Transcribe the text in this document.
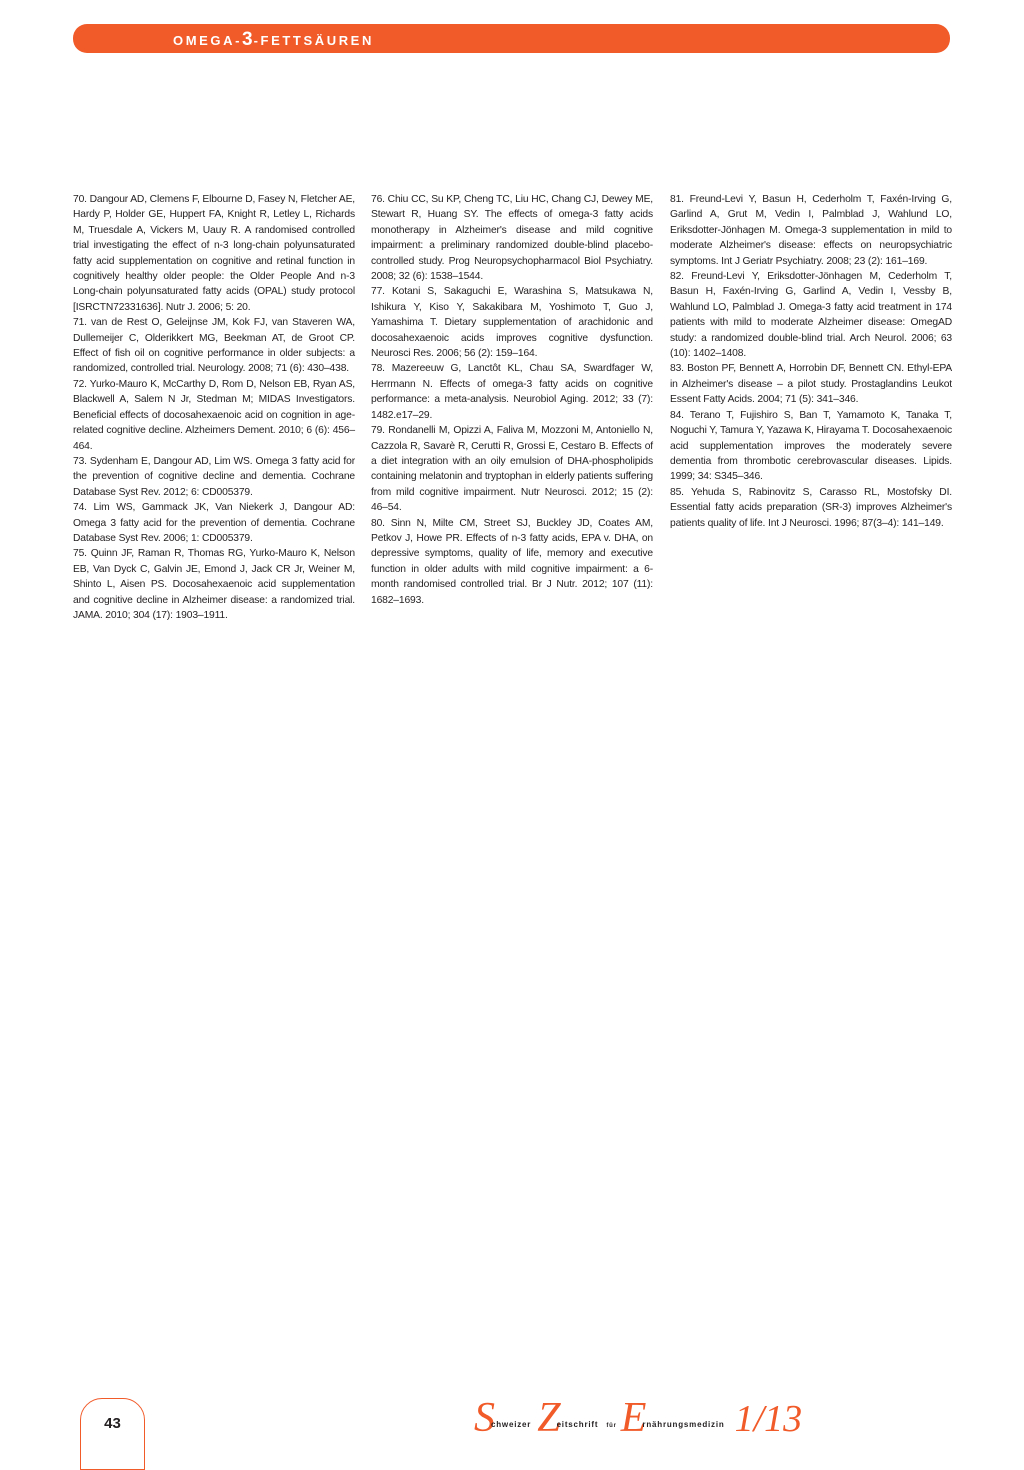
OMEGA-3-FETTSÄUREN

70. Dangour AD, Clemens F, Elbourne D, Fasey N, Fletcher AE, Hardy P, Holder GE, Huppert FA, Knight R, Letley L, Richards M, Truesdale A, Vickers M, Uauy R. A randomised controlled trial investigating the effect of n-3 long-chain polyunsaturated fatty acid supplementation on cognitive and retinal function in cognitively healthy older people: the Older People And n-3 Long-chain polyunsaturated fatty acids (OPAL) study protocol [ISRCTN72331636]. Nutr J. 2006; 5: 20.

71. van de Rest O, Geleijnse JM, Kok FJ, van Staveren WA, Dullemeijer C, Olderikkert MG, Beekman AT, de Groot CP. Effect of fish oil on cognitive performance in older subjects: a randomized, controlled trial. Neurology. 2008; 71 (6): 430–438.

72. Yurko-Mauro K, McCarthy D, Rom D, Nelson EB, Ryan AS, Blackwell A, Salem N Jr, Stedman M; MIDAS Investigators. Beneficial effects of docosahexaenoic acid on cognition in age-related cognitive decline. Alzheimers Dement. 2010; 6 (6): 456–464.

73. Sydenham E, Dangour AD, Lim WS. Omega 3 fatty acid for the prevention of cognitive decline and dementia. Cochrane Database Syst Rev. 2012; 6: CD005379.

74. Lim WS, Gammack JK, Van Niekerk J, Dangour AD: Omega 3 fatty acid for the prevention of dementia. Cochrane Database Syst Rev. 2006; 1: CD005379.

75. Quinn JF, Raman R, Thomas RG, Yurko-Mauro K, Nelson EB, Van Dyck C, Galvin JE, Emond J, Jack CR Jr, Weiner M, Shinto L, Aisen PS. Docosahexaenoic acid supplementation and cognitive decline in Alzheimer disease: a randomized trial. JAMA. 2010; 304 (17): 1903–1911.

76. Chiu CC, Su KP, Cheng TC, Liu HC, Chang CJ, Dewey ME, Stewart R, Huang SY. The effects of omega-3 fatty acids monotherapy in Alzheimer's disease and mild cognitive impairment: a preliminary randomized double-blind placebo-controlled study. Prog Neuropsychopharmacol Biol Psychiatry. 2008; 32 (6): 1538–1544.

77. Kotani S, Sakaguchi E, Warashina S, Matsukawa N, Ishikura Y, Kiso Y, Sakakibara M, Yoshimoto T, Guo J, Yamashima T. Dietary supplementation of arachidonic and docosahexaenoic acids improves cognitive dysfunction. Neurosci Res. 2006; 56 (2): 159–164.

78. Mazereeuw G, Lanctôt KL, Chau SA, Swardfager W, Herrmann N. Effects of omega-3 fatty acids on cognitive performance: a meta-analysis. Neurobiol Aging. 2012; 33 (7): 1482.e17–29.

79. Rondanelli M, Opizzi A, Faliva M, Mozzoni M, Antoniello N, Cazzola R, Savarè R, Cerutti R, Grossi E, Cestaro B. Effects of a diet integration with an oily emulsion of DHA-phospholipids containing melatonin and tryptophan in elderly patients suffering from mild cognitive impairment. Nutr Neurosci. 2012; 15 (2): 46–54.

80. Sinn N, Milte CM, Street SJ, Buckley JD, Coates AM, Petkov J, Howe PR. Effects of n-3 fatty acids, EPA v. DHA, on depressive symptoms, quality of life, memory and executive function in older adults with mild cognitive impairment: a 6-month randomised controlled trial. Br J Nutr. 2012; 107 (11): 1682–1693.

81. Freund-Levi Y, Basun H, Cederholm T, Faxén-Irving G, Garlind A, Grut M, Vedin I, Palmblad J, Wahlund LO, Eriksdotter-Jönhagen M. Omega-3 supplementation in mild to moderate Alzheimer's disease: effects on neuropsychiatric symptoms. Int J Geriatr Psychiatry. 2008; 23 (2): 161–169.

82. Freund-Levi Y, Eriksdotter-Jönhagen M, Cederholm T, Basun H, Faxén-Irving G, Garlind A, Vedin I, Vessby B, Wahlund LO, Palmblad J. Omega-3 fatty acid treatment in 174 patients with mild to moderate Alzheimer disease: OmegAD study: a randomized double-blind trial. Arch Neurol. 2006; 63 (10): 1402–1408.

83. Boston PF, Bennett A, Horrobin DF, Bennett CN. Ethyl-EPA in Alzheimer's disease – a pilot study. Prostaglandins Leukot Essent Fatty Acids. 2004; 71 (5): 341–346.

84. Terano T, Fujishiro S, Ban T, Yamamoto K, Tanaka T, Noguchi Y, Tamura Y, Yazawa K, Hirayama T. Docosahexaenoic acid supplementation improves the moderately severe dementia from thrombotic cerebrovascular diseases. Lipids. 1999; 34: S345–346.

85. Yehuda S, Rabinovitz S, Carasso RL, Mostofsky DI. Essential fatty acids preparation (SR-3) improves Alzheimer's patients quality of life. Int J Neurosci. 1996; 87(3–4): 141–149.

43	$S^{chweizer}$ $Z^{eitschrift}$ $^{für}E^{rnährungsmedizin}$ 1/13
